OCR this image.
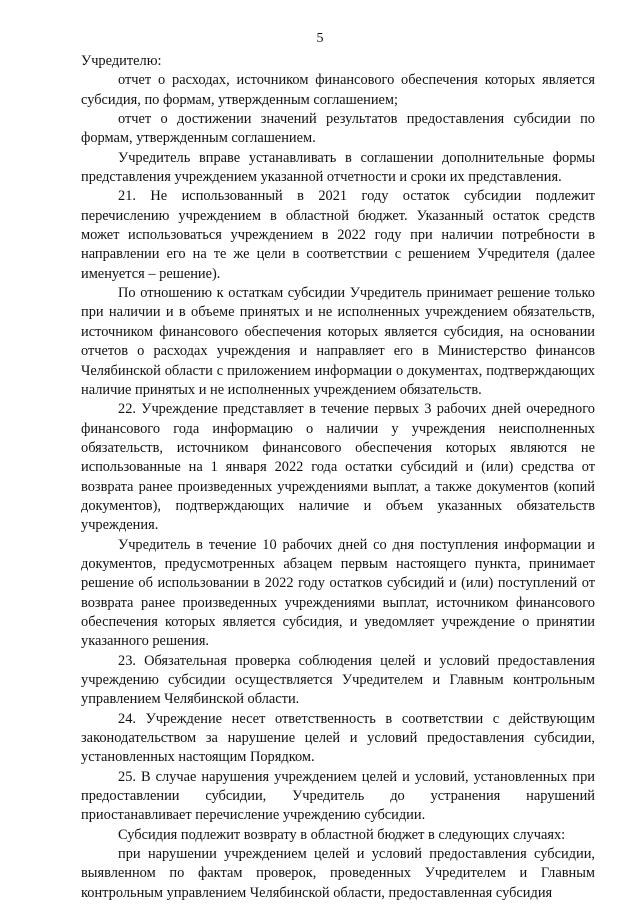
5

Учредителю:

отчет о расходах, источником финансового обеспечения которых является субсидия, по формам, утвержденным соглашением;

отчет о достижении значений результатов предоставления субсидии по формам, утвержденным соглашением.

Учредитель вправе устанавливать в соглашении дополнительные формы представления учреждением указанной отчетности и сроки их представления.

21. Не использованный в 2021 году остаток субсидии подлежит перечислению учреждением в областной бюджет. Указанный остаток средств может использоваться учреждением в 2022 году при наличии потребности в направлении его на те же цели в соответствии с решением Учредителя (далее именуется – решение).

По отношению к остаткам субсидии Учредитель принимает решение только при наличии и в объеме принятых и не исполненных учреждением обязательств, источником финансового обеспечения которых является субсидия, на основании отчетов о расходах учреждения и направляет его в Министерство финансов Челябинской области с приложением информации о документах, подтверждающих наличие принятых и не исполненных учреждением обязательств.

22. Учреждение представляет в течение первых 3 рабочих дней очередного финансового года информацию о наличии у учреждения неисполненных обязательств, источником финансового обеспечения которых являются не использованные на 1 января 2022 года остатки субсидий и (или) средства от возврата ранее произведенных учреждениями выплат, а также документов (копий документов), подтверждающих наличие и объем указанных обязательств учреждения.

Учредитель в течение 10 рабочих дней со дня поступления информации и документов, предусмотренных абзацем первым настоящего пункта, принимает решение об использовании в 2022 году остатков субсидий и (или) поступлений от возврата ранее произведенных учреждениями выплат, источником финансового обеспечения которых является субсидия, и уведомляет учреждение о принятии указанного решения.

23. Обязательная проверка соблюдения целей и условий предоставления учреждению субсидии осуществляется Учредителем и Главным контрольным управлением Челябинской области.

24. Учреждение несет ответственность в соответствии с действующим законодательством за нарушение целей и условий предоставления субсидии, установленных настоящим Порядком.

25. В случае нарушения учреждением целей и условий, установленных при предоставлении субсидии, Учредитель до устранения нарушений приостанавливает перечисление учреждению субсидии.

Субсидия подлежит возврату в областной бюджет в следующих случаях:

при нарушении учреждением целей и условий предоставления субсидии, выявленном по фактам проверок, проведенных Учредителем и Главным контрольным управлением Челябинской области, предоставленная субсидия
